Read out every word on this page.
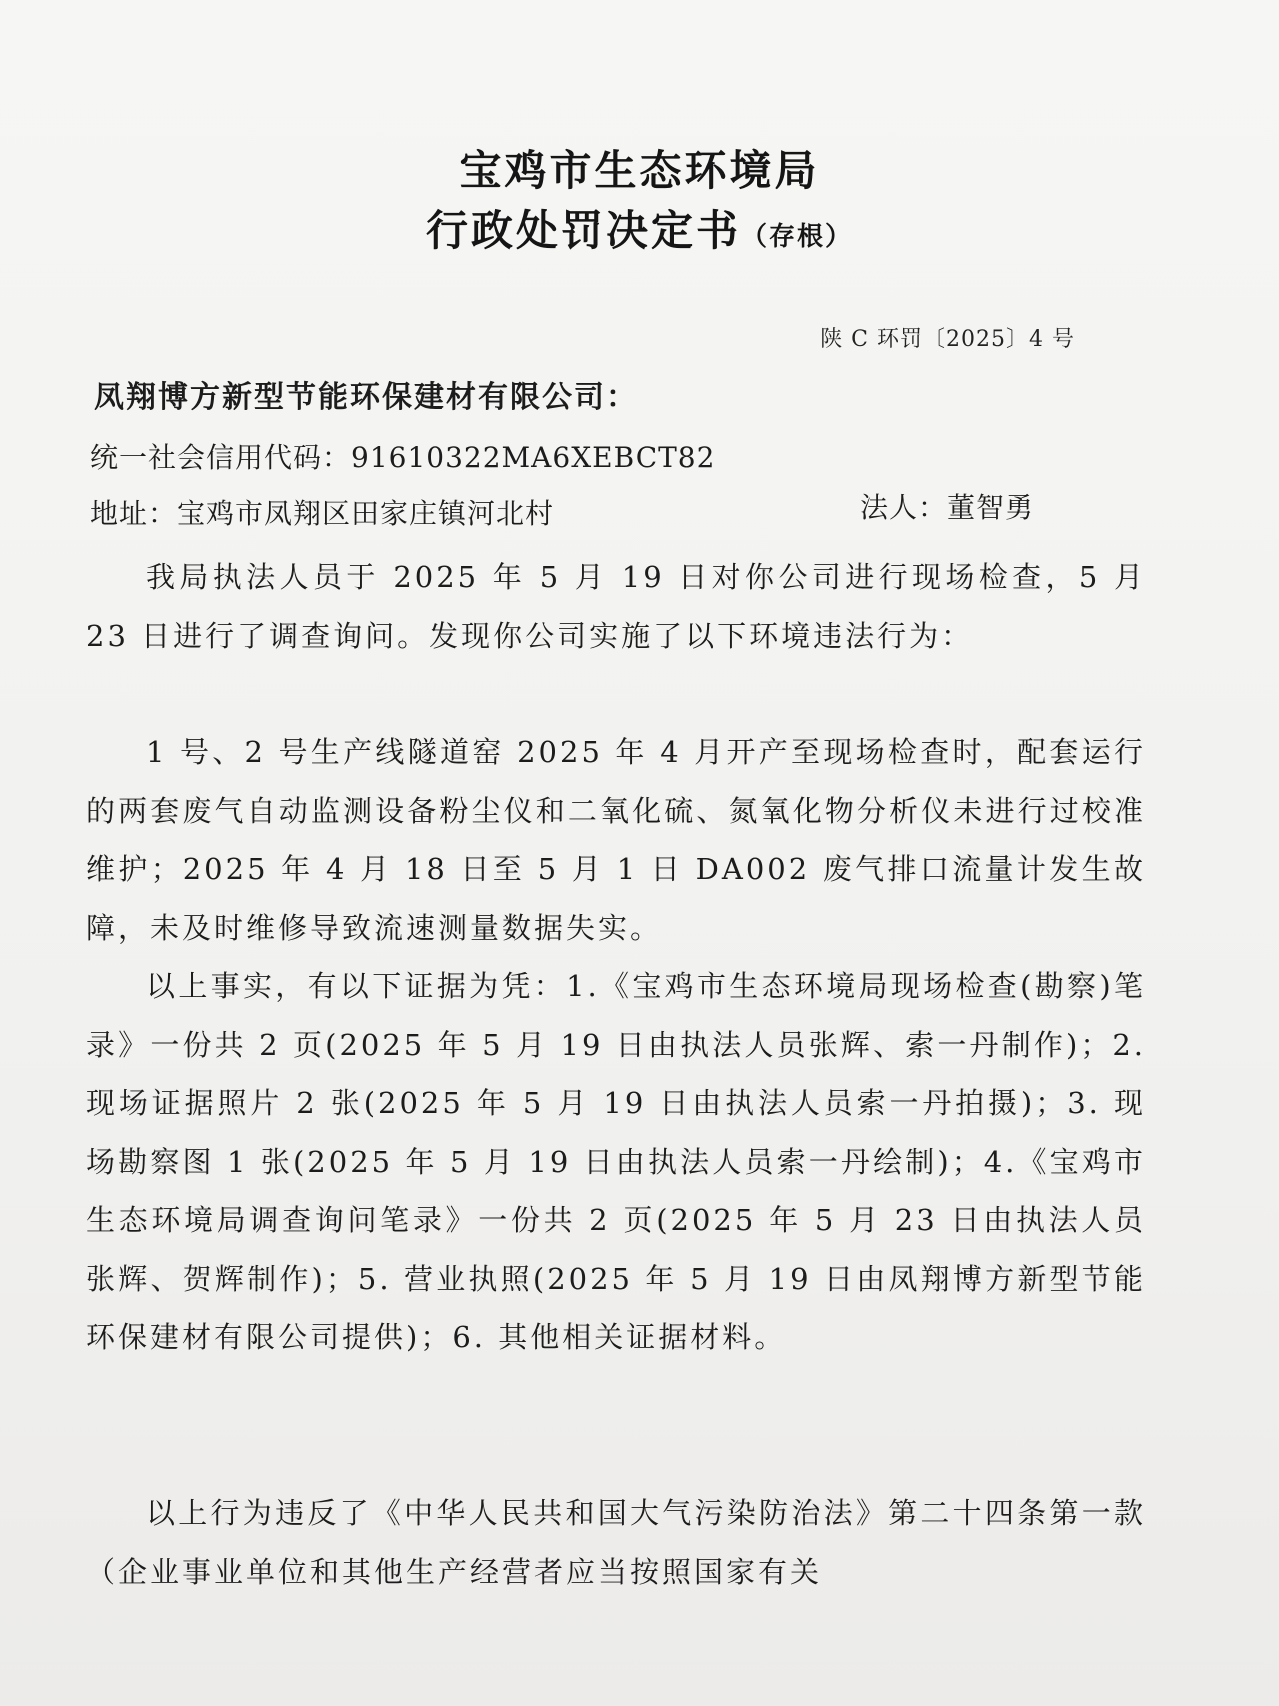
宝鸡市生态环境局
行政处罚决定书（存根）
陕 C 环罚〔2025〕4 号
凤翔博方新型节能环保建材有限公司：
统一社会信用代码：91610322MA6XEBCT82
地址：宝鸡市凤翔区田家庄镇河北村	法人：董智勇
我局执法人员于 2025 年 5 月 19 日对你公司进行现场检查，5 月 23 日进行了调查询问。发现你公司实施了以下环境违法行为：
1 号、2 号生产线隧道窑 2025 年 4 月开产至现场检查时，配套运行的两套废气自动监测设备粉尘仪和二氧化硫、氮氧化物分析仪未进行过校准维护；2025 年 4 月 18 日至 5 月 1 日 DA002 废气排口流量计发生故障，未及时维修导致流速测量数据失实。
以上事实，有以下证据为凭：1.《宝鸡市生态环境局现场检查(勘察)笔录》一份共 2 页(2025 年 5 月 19 日由执法人员张辉、索一丹制作)；2. 现场证据照片 2 张(2025 年 5 月 19 日由执法人员索一丹拍摄)；3. 现场勘察图 1 张(2025 年 5 月 19 日由执法人员索一丹绘制)；4.《宝鸡市生态环境局调查询问笔录》一份共 2 页(2025 年 5 月 23 日由执法人员张辉、贺辉制作)；5. 营业执照(2025 年 5 月 19 日由凤翔博方新型节能环保建材有限公司提供)；6. 其他相关证据材料。
以上行为违反了《中华人民共和国大气污染防治法》第二十四条第一款（企业事业单位和其他生产经营者应当按照国家有关
